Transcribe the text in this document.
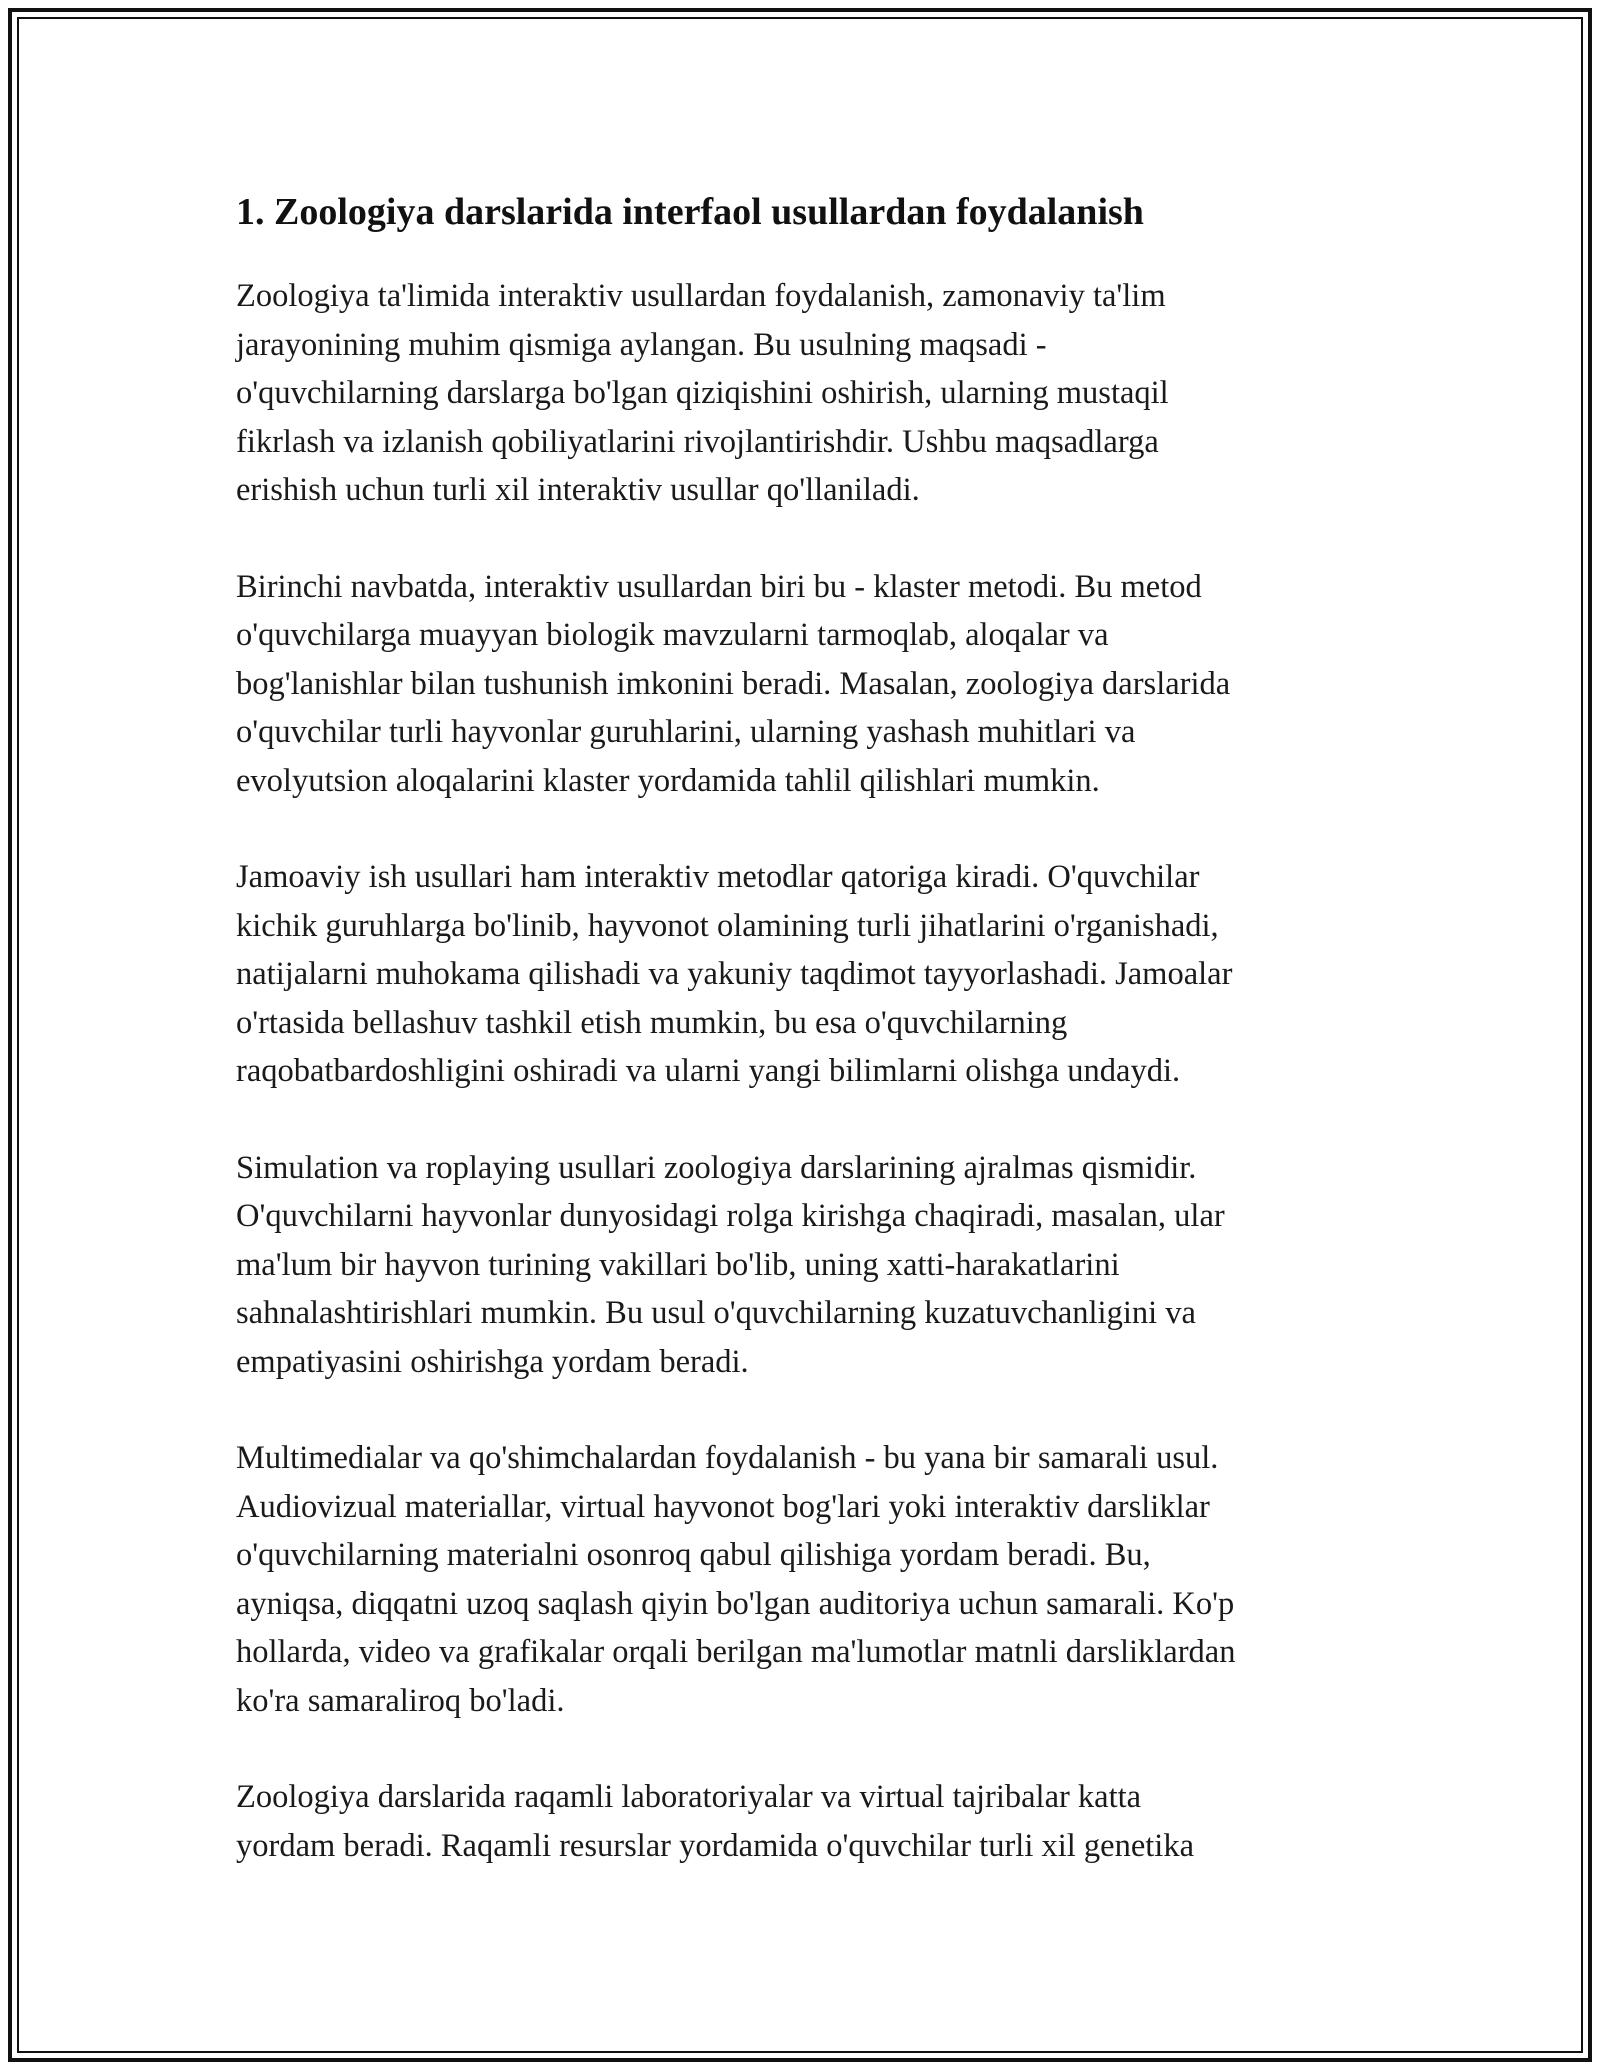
1. Zoologiya darslarida interfaol usullardan foydalanish

Zoologiya ta'limida interaktiv usullardan foydalanish, zamonaviy ta'lim
jarayonining muhim qismiga aylangan. Bu usulning maqsadi -
o'quvchilarning darslarga bo'lgan qiziqishini oshirish, ularning mustaqil
fikrlash va izlanish qobiliyatlarini rivojlantirishdir. Ushbu maqsadlarga
erishish uchun turli xil interaktiv usullar qo'llaniladi.

Birinchi navbatda, interaktiv usullardan biri bu - klaster metodi. Bu metod
o'quvchilarga muayyan biologik mavzularni tarmoqlab, aloqalar va
bog'lanishlar bilan tushunish imkonini beradi. Masalan, zoologiya darslarida
o'quvchilar turli hayvonlar guruhlarini, ularning yashash muhitlari va
evolyutsion aloqalarini klaster yordamida tahlil qilishlari mumkin.

Jamoaviy ish usullari ham interaktiv metodlar qatoriga kiradi. O'quvchilar
kichik guruhlarga bo'linib, hayvonot olamining turli jihatlarini o'rganishadi,
natijalarni muhokama qilishadi va yakuniy taqdimot tayyorlashadi. Jamoalar
o'rtasida bellashuv tashkil etish mumkin, bu esa o'quvchilarning
raqobatbardoshligini oshiradi va ularni yangi bilimlarni olishga undaydi.

Simulation va roplaying usullari zoologiya darslarining ajralmas qismidir.
O'quvchilarni hayvonlar dunyosidagi rolga kirishga chaqiradi, masalan, ular
ma'lum bir hayvon turining vakillari bo'lib, uning xatti-harakatlarini
sahnalashtirishlari mumkin. Bu usul o'quvchilarning kuzatuvchanligini va
empatiyasini oshirishga yordam beradi.

Multimedialar va qo'shimchalardan foydalanish - bu yana bir samarali usul.
Audiovizual materiallar, virtual hayvonot bog'lari yoki interaktiv darsliklar
o'quvchilarning materialni osonroq qabul qilishiga yordam beradi. Bu,
ayniqsa, diqqatni uzoq saqlash qiyin bo'lgan auditoriya uchun samarali. Ko'p
hollarda, video va grafikalar orqali berilgan ma'lumotlar matnli darsliklardan
ko'ra samaraliroq bo'ladi.

Zoologiya darslarida raqamli laboratoriyalar va virtual tajribalar katta
yordam beradi. Raqamli resurslar yordamida o'quvchilar turli xil genetika
